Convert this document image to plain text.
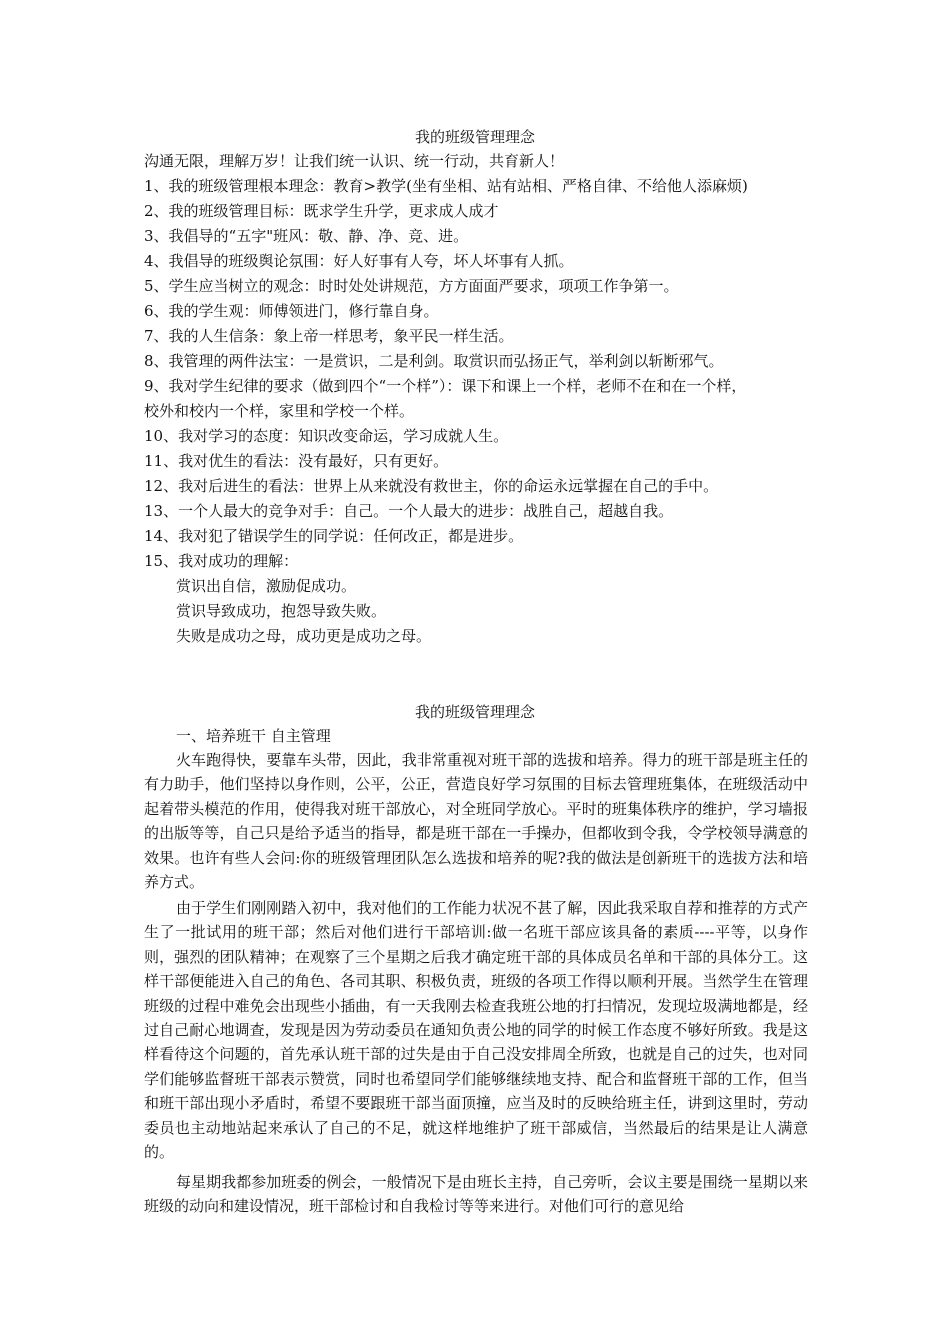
我的班级管理理念
沟通无限，理解万岁！让我们统一认识、统一行动，共育新人！
1、我的班级管理根本理念：教育>教学(坐有坐相、站有站相、严格自律、不给他人添麻烦)
2、我的班级管理目标：既求学生升学，更求成人成才
3、我倡导的“五字"班风：敬、静、净、竞、进。
4、我倡导的班级舆论氛围：好人好事有人夸，坏人坏事有人抓。
5、学生应当树立的观念：时时处处讲规范，方方面面严要求，项项工作争第一。
6、我的学生观：师傅领进门，修行靠自身。
7、我的人生信条：象上帝一样思考，象平民一样生活。
8、我管理的两件法宝：一是赏识，二是利剑。取赏识而弘扬正气，举利剑以斩断邪气。
9、我对学生纪律的要求（做到四个“一个样”）：课下和课上一个样，老师不在和在一个样，
校外和校内一个样，家里和学校一个样。
10、我对学习的态度：知识改变命运，学习成就人生。
11、我对优生的看法：没有最好，只有更好。
12、我对后进生的看法：世界上从来就没有救世主，你的命运永远掌握在自己的手中。
13、一个人最大的竞争对手：自己。一个人最大的进步：战胜自己，超越自我。
14、我对犯了错误学生的同学说：任何改正，都是进步。
15、我对成功的理解：
赏识出自信，激励促成功。
赏识导致成功，抱怨导致失败。
失败是成功之母，成功更是成功之母。
我的班级管理理念
一、培养班干 自主管理

火车跑得快，要靠车头带，因此，我非常重视对班干部的选拔和培养。得力的班干部是班主任的有力助手，他们坚持以身作则，公平，公正，营造良好学习氛围的目标去管理班集体，在班级活动中起着带头模范的作用，使得我对班干部放心，对全班同学放心。平时的班集体秩序的维护，学习墙报的出版等等，自己只是给予适当的指导，都是班干部在一手操办，但都收到令我，令学校领导满意的效果。也许有些人会问:你的班级管理团队怎么选拔和培养的呢?我的做法是创新班干的选拔方法和培养方式。

由于学生们刚刚踏入初中，我对他们的工作能力状况不甚了解，因此我采取自荐和推荐的方式产生了一批试用的班干部；然后对他们进行干部培训:做一名班干部应该具备的素质----平等，以身作则，强烈的团队精神；在观察了三个星期之后我才确定班干部的具体成员名单和干部的具体分工。这样干部便能进入自己的角色、各司其职、积极负责，班级的各项工作得以顺利开展。当然学生在管理班级的过程中难免会出现些小插曲，有一天我刚去检查我班公地的打扫情况，发现垃圾满地都是，经过自己耐心地调查，发现是因为劳动委员在通知负责公地的同学的时候工作态度不够好所致。我是这样看待这个问题的，首先承认班干部的过失是由于自己没安排周全所致，也就是自己的过失，也对同学们能够监督班干部表示赞赏，同时也希望同学们能够继续地支持、配合和监督班干部的工作，但当和班干部出现小矛盾时，希望不要跟班干部当面顶撞，应当及时的反映给班主任，讲到这里时，劳动委员也主动地站起来承认了自己的不足，就这样地维护了班干部威信，当然最后的结果是让人满意的。

每星期我都参加班委的例会，一般情况下是由班长主持，自己旁听，会议主要是围绕一星期以来班级的动向和建设情况，班干部检讨和自我检讨等等来进行。对他们可行的意见给
